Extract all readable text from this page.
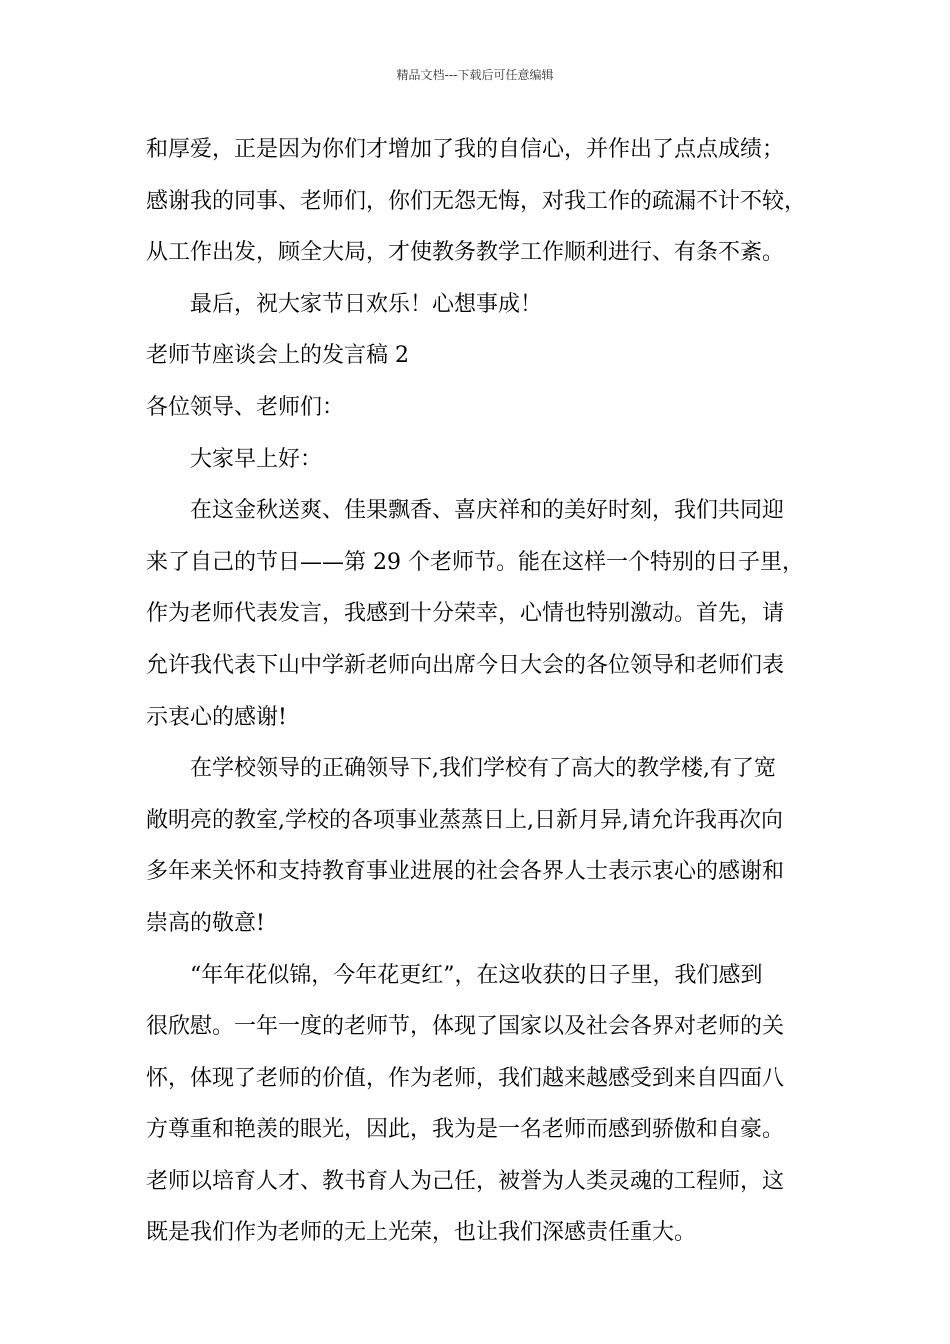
精品文档---下载后可任意编辑
和厚爱，正是因为你们才增加了我的自信心，并作出了点点成绩；
感谢我的同事、老师们，你们无怨无悔，对我工作的疏漏不计不较，
从工作出发，顾全大局，才使教务教学工作顺利进行、有条不紊。
最后，祝大家节日欢乐！心想事成！
老师节座谈会上的发言稿 2
各位领导、老师们：
大家早上好：
在这金秋送爽、佳果飘香、喜庆祥和的美好时刻，我们共同迎
来了自己的节日——第 29 个老师节。能在这样一个特别的日子里，
作为老师代表发言，我感到十分荣幸，心情也特别激动。首先，请
允许我代表下山中学新老师向出席今日大会的各位领导和老师们表
示衷心的感谢!
在学校领导的正确领导下,我们学校有了高大的教学楼,有了宽
敞明亮的教室,学校的各项事业蒸蒸日上,日新月异,请允许我再次向
多年来关怀和支持教育事业进展的社会各界人士表示衷心的感谢和
崇高的敬意!
“年年花似锦，今年花更红”，在这收获的日子里，我们感到
很欣慰。一年一度的老师节，体现了国家以及社会各界对老师的关
怀，体现了老师的价值，作为老师，我们越来越感受到来自四面八
方尊重和艳羡的眼光，因此，我为是一名老师而感到骄傲和自豪。
老师以培育人才、教书育人为己任，被誉为人类灵魂的工程师，这
既是我们作为老师的无上光荣，也让我们深感责任重大。
